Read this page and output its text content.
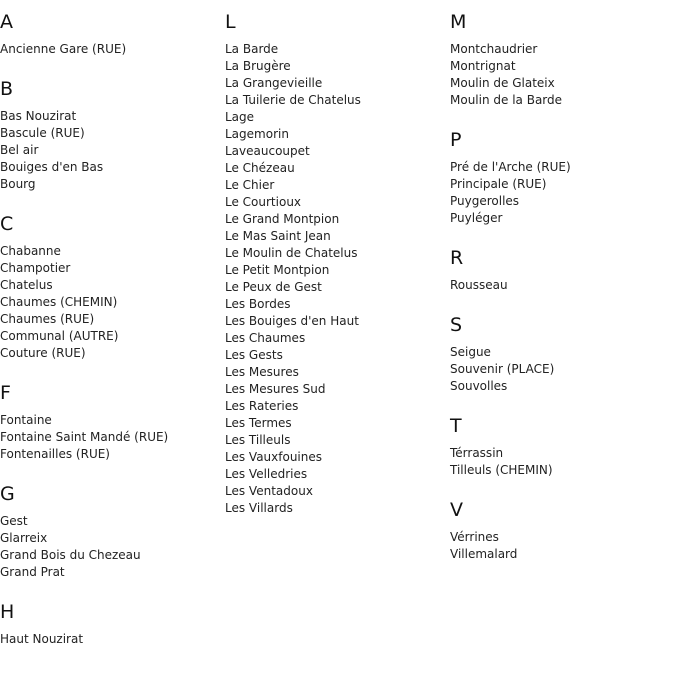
A
Ancienne Gare (RUE)
B
Bas Nouzirat
Bascule (RUE)
Bel air
Bouiges d'en Bas
Bourg
C
Chabanne
Champotier
Chatelus
Chaumes (CHEMIN)
Chaumes (RUE)
Communal (AUTRE)
Couture (RUE)
F
Fontaine
Fontaine Saint Mandé (RUE)
Fontenailles (RUE)
G
Gest
Glarreix
Grand Bois du Chezeau
Grand Prat
H
Haut Nouzirat
L
La Barde
La Brugère
La Grangevieille
La Tuilerie de Chatelus
Lage
Lagemorin
Laveaucoupet
Le Chézeau
Le Chier
Le Courtioux
Le Grand Montpion
Le Mas Saint Jean
Le Moulin de Chatelus
Le Petit Montpion
Le Peux de Gest
Les Bordes
Les Bouiges d'en Haut
Les Chaumes
Les Gests
Les Mesures
Les Mesures Sud
Les Rateries
Les Termes
Les Tilleuls
Les Vauxfouines
Les Velledries
Les Ventadoux
Les Villards
M
Montchaudrier
Montrignat
Moulin de Glateix
Moulin de la Barde
P
Pré de l'Arche (RUE)
Principale (RUE)
Puygerolles
Puyléger
R
Rousseau
S
Seigue
Souvenir (PLACE)
Souvolles
T
Térrassin
Tilleuls (CHEMIN)
V
Vérrines
Villemalard
